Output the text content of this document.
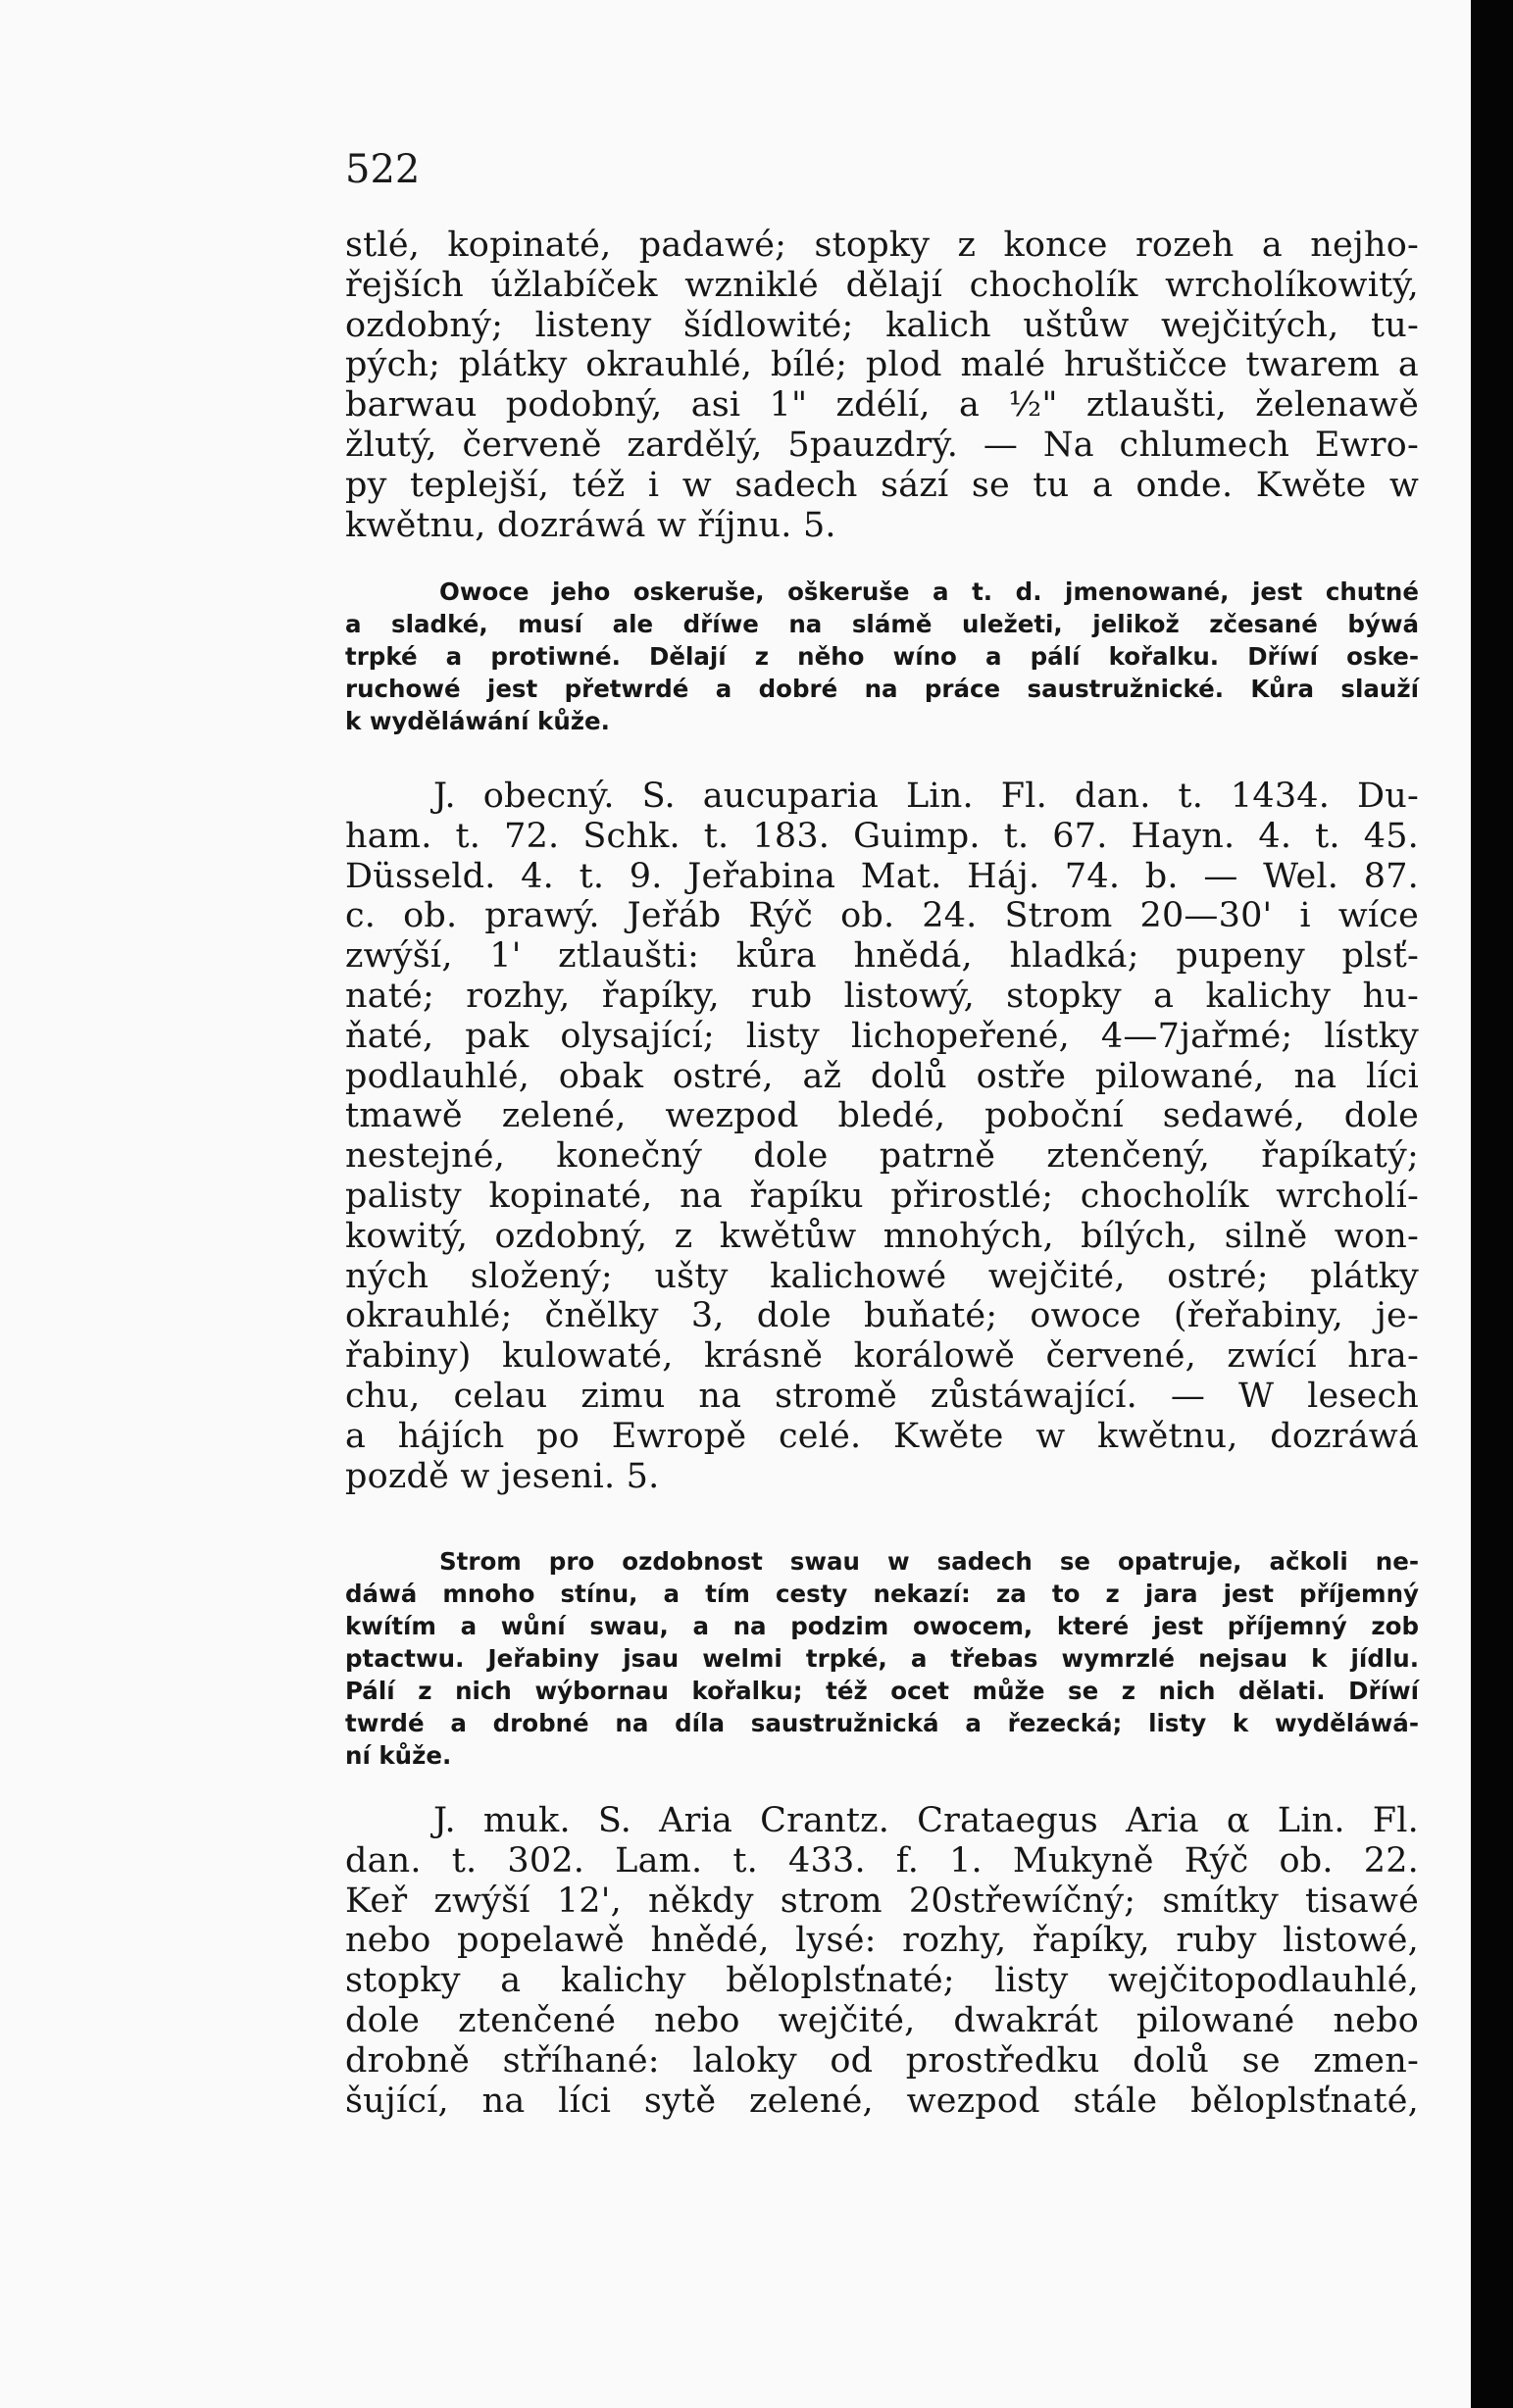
522
stlé, kopinaté, padawé; stopky z konce rozeh a nejho-
řejších úžlabíček wzniklé dělají chocholík wrcholíkowitý,
ozdobný; listeny šídlowité; kalich uštůw wejčitých, tu-
pých; plátky okrauhlé, bílé; plod malé hruštičce twarem a
barwau podobný, asi 1" zdélí, a ½" ztlaušti, želenawě
žlutý, červeně zardělý, 5pauzdrý. — Na chlumech Ewro-
py teplejší, též i w sadech sází se tu a onde. Kwěte w
kwětnu, dozráwá w říjnu. 5.
Owoce jeho oskeruše, oškeruše a t. d. jmenowané, jest chutné
a sladké, musí ale dříwe na slámě uležeti, jelikož zčesané býwá
trpké a protiwné. Dělají z něho wíno a pálí kořalku. Dříwí oske-
ruchowé jest přetwrdé a dobré na práce saustružnické. Kůra slauží
k wyděláwání kůže.
J. obecný. S. aucuparia Lin. Fl. dan. t. 1434. Du-
ham. t. 72. Schk. t. 183. Guimp. t. 67. Hayn. 4. t. 45.
Düsseld. 4. t. 9. Jeřabina Mat. Háj. 74. b. — Wel. 87.
c. ob. prawý. Jeřáb Rýč ob. 24. Strom 20—30' i wíce
zwýší, 1' ztlaušti: kůra hnědá, hladká; pupeny plsť-
naté; rozhy, řapíky, rub listowý, stopky a kalichy hu-
ňaté, pak olysající; listy lichopeřené, 4—7jařmé; lístky
podlauhlé, obak ostré, až dolů ostře pilowané, na líci
tmawě zelené, wezpod bledé, poboční sedawé, dole
nestejné, konečný dole patrně ztenčený, řapíkatý;
palisty kopinaté, na řapíku přirostlé; chocholík wrcholí-
kowitý, ozdobný, z kwětůw mnohých, bílých, silně won-
ných složený; ušty kalichowé wejčité, ostré; plátky
okrauhlé; čnělky 3, dole buňaté; owoce (řeřabiny, je-
řabiny) kulowaté, krásně korálowě červené, zwící hra-
chu, celau zimu na stromě zůstáwající. — W lesech
a hájích po Ewropě celé. Kwěte w kwětnu, dozráwá
pozdě w jeseni. 5.
Strom pro ozdobnost swau w sadech se opatruje, ačkoli ne-
dáwá mnoho stínu, a tím cesty nekazí: za to z jara jest příjemný
kwítím a wůní swau, a na podzim owocem, které jest příjemný zob
ptactwu. Jeřabiny jsau welmi trpké, a třebas wymrzlé nejsau k jídlu.
Pálí z nich wýbornau kořalku; též ocet může se z nich dělati. Dříwí
twrdé a drobné na díla saustružnická a řezecká; listy k wyděláwá-
ní kůže.
J. muk. S. Aria Crantz. Crataegus Aria α Lin. Fl.
dan. t. 302. Lam. t. 433. f. 1. Mukyně Rýč ob. 22.
Keř zwýší 12', někdy strom 20střewíčný; smítky tisawé
nebo popelawě hnědé, lysé: rozhy, řapíky, ruby listowé,
stopky a kalichy běloplsťnaté; listy wejčitopodlauhlé,
dole ztenčené nebo wejčité, dwakrát pilowané nebo
drobně stříhané: laloky od prostředku dolů se zmen-
šující, na líci sytě zelené, wezpod stále běloplsťnaté,
